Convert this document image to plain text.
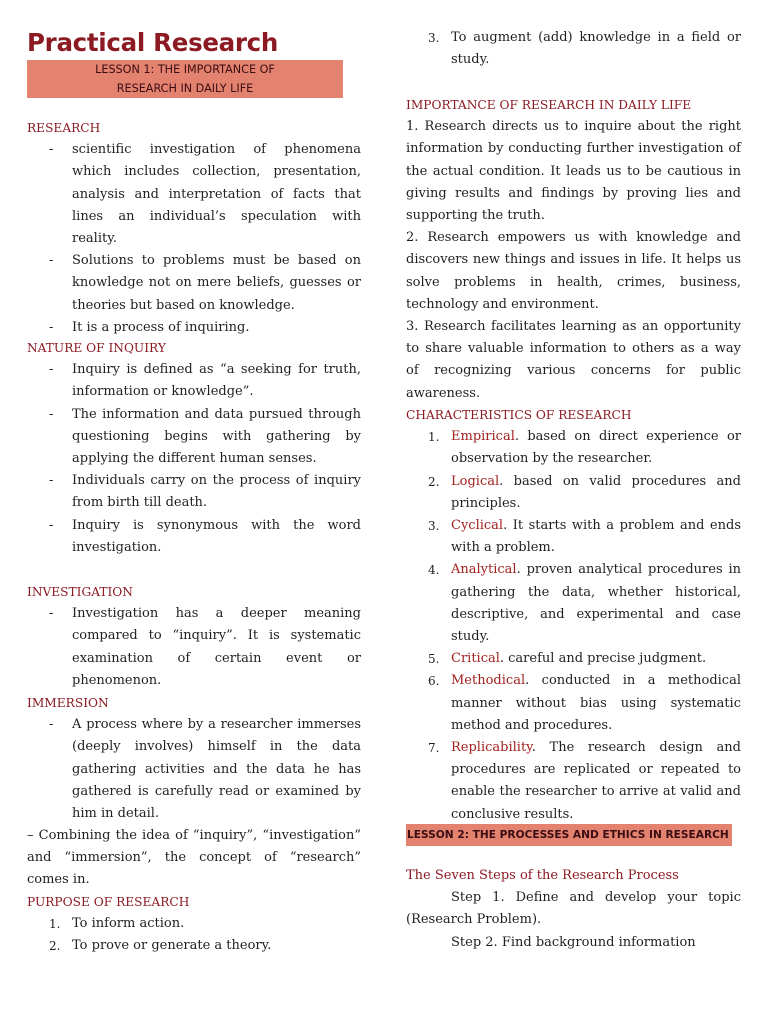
Practical Research
LESSON 1: THE IMPORTANCE OF
RESEARCH IN DAILY LIFE
RESEARCH
- scientific investigation of phenomena which includes collection, presentation, analysis and interpretation of facts that lines an individual’s speculation with reality.
- Solutions to problems must be based on knowledge not on mere beliefs, guesses or theories but based on knowledge.
- It is a process of inquiring.
NATURE OF INQUIRY
- Inquiry is defined as “a seeking for truth, information or knowledge”.
- The information and data pursued through questioning begins with gathering by applying the different human senses.
- Individuals carry on the process of inquiry from birth till death.
- Inquiry is synonymous with the word investigation.
INVESTIGATION
- Investigation has a deeper meaning compared to “inquiry”. It is systematic examination of certain event or phenomenon.
IMMERSION
- A process where by a researcher immerses (deeply involves) himself in the data gathering activities and the data he has gathered is carefully read or examined by him in detail.

– Combining the idea of “inquiry”, “investigation” and “immersion”, the concept of “research” comes in.

PURPOSE OF RESEARCH
1. To inform action.
2. To prove or generate a theory.
3. To augment (add) knowledge in a field or study.
IMPORTANCE OF RESEARCH IN DAILY LIFE

1. Research directs us to inquire about the right information by conducting further investigation of the actual condition. It leads us to be cautious in giving results and findings by proving lies and supporting the truth.

2. Research empowers us with knowledge and discovers new things and issues in life. It helps us solve problems in health, crimes, business, technology and environment.

3. Research facilitates learning as an opportunity to share valuable information to others as a way of recognizing various concerns for public awareness.

CHARACTERISTICS OF RESEARCH
1. Empirical. based on direct experience or observation by the researcher.
2. Logical. based on valid procedures and principles.
3. Cyclical. It starts with a problem and ends with a problem.
4. Analytical. proven analytical procedures in gathering the data, whether historical, descriptive, and experimental and case study.
5. Critical. careful and precise judgment.
6. Methodical. conducted in a methodical manner without bias using systematic method and procedures.
7. Replicability. The research design and procedures are replicated or repeated to enable the researcher to arrive at valid and conclusive results.
LESSON 2: THE PROCESSES AND ETHICS IN RESEARCH
The Seven Steps of the Research Process

Step 1. Define and develop your topic (Research Problem).

Step 2. Find background information
